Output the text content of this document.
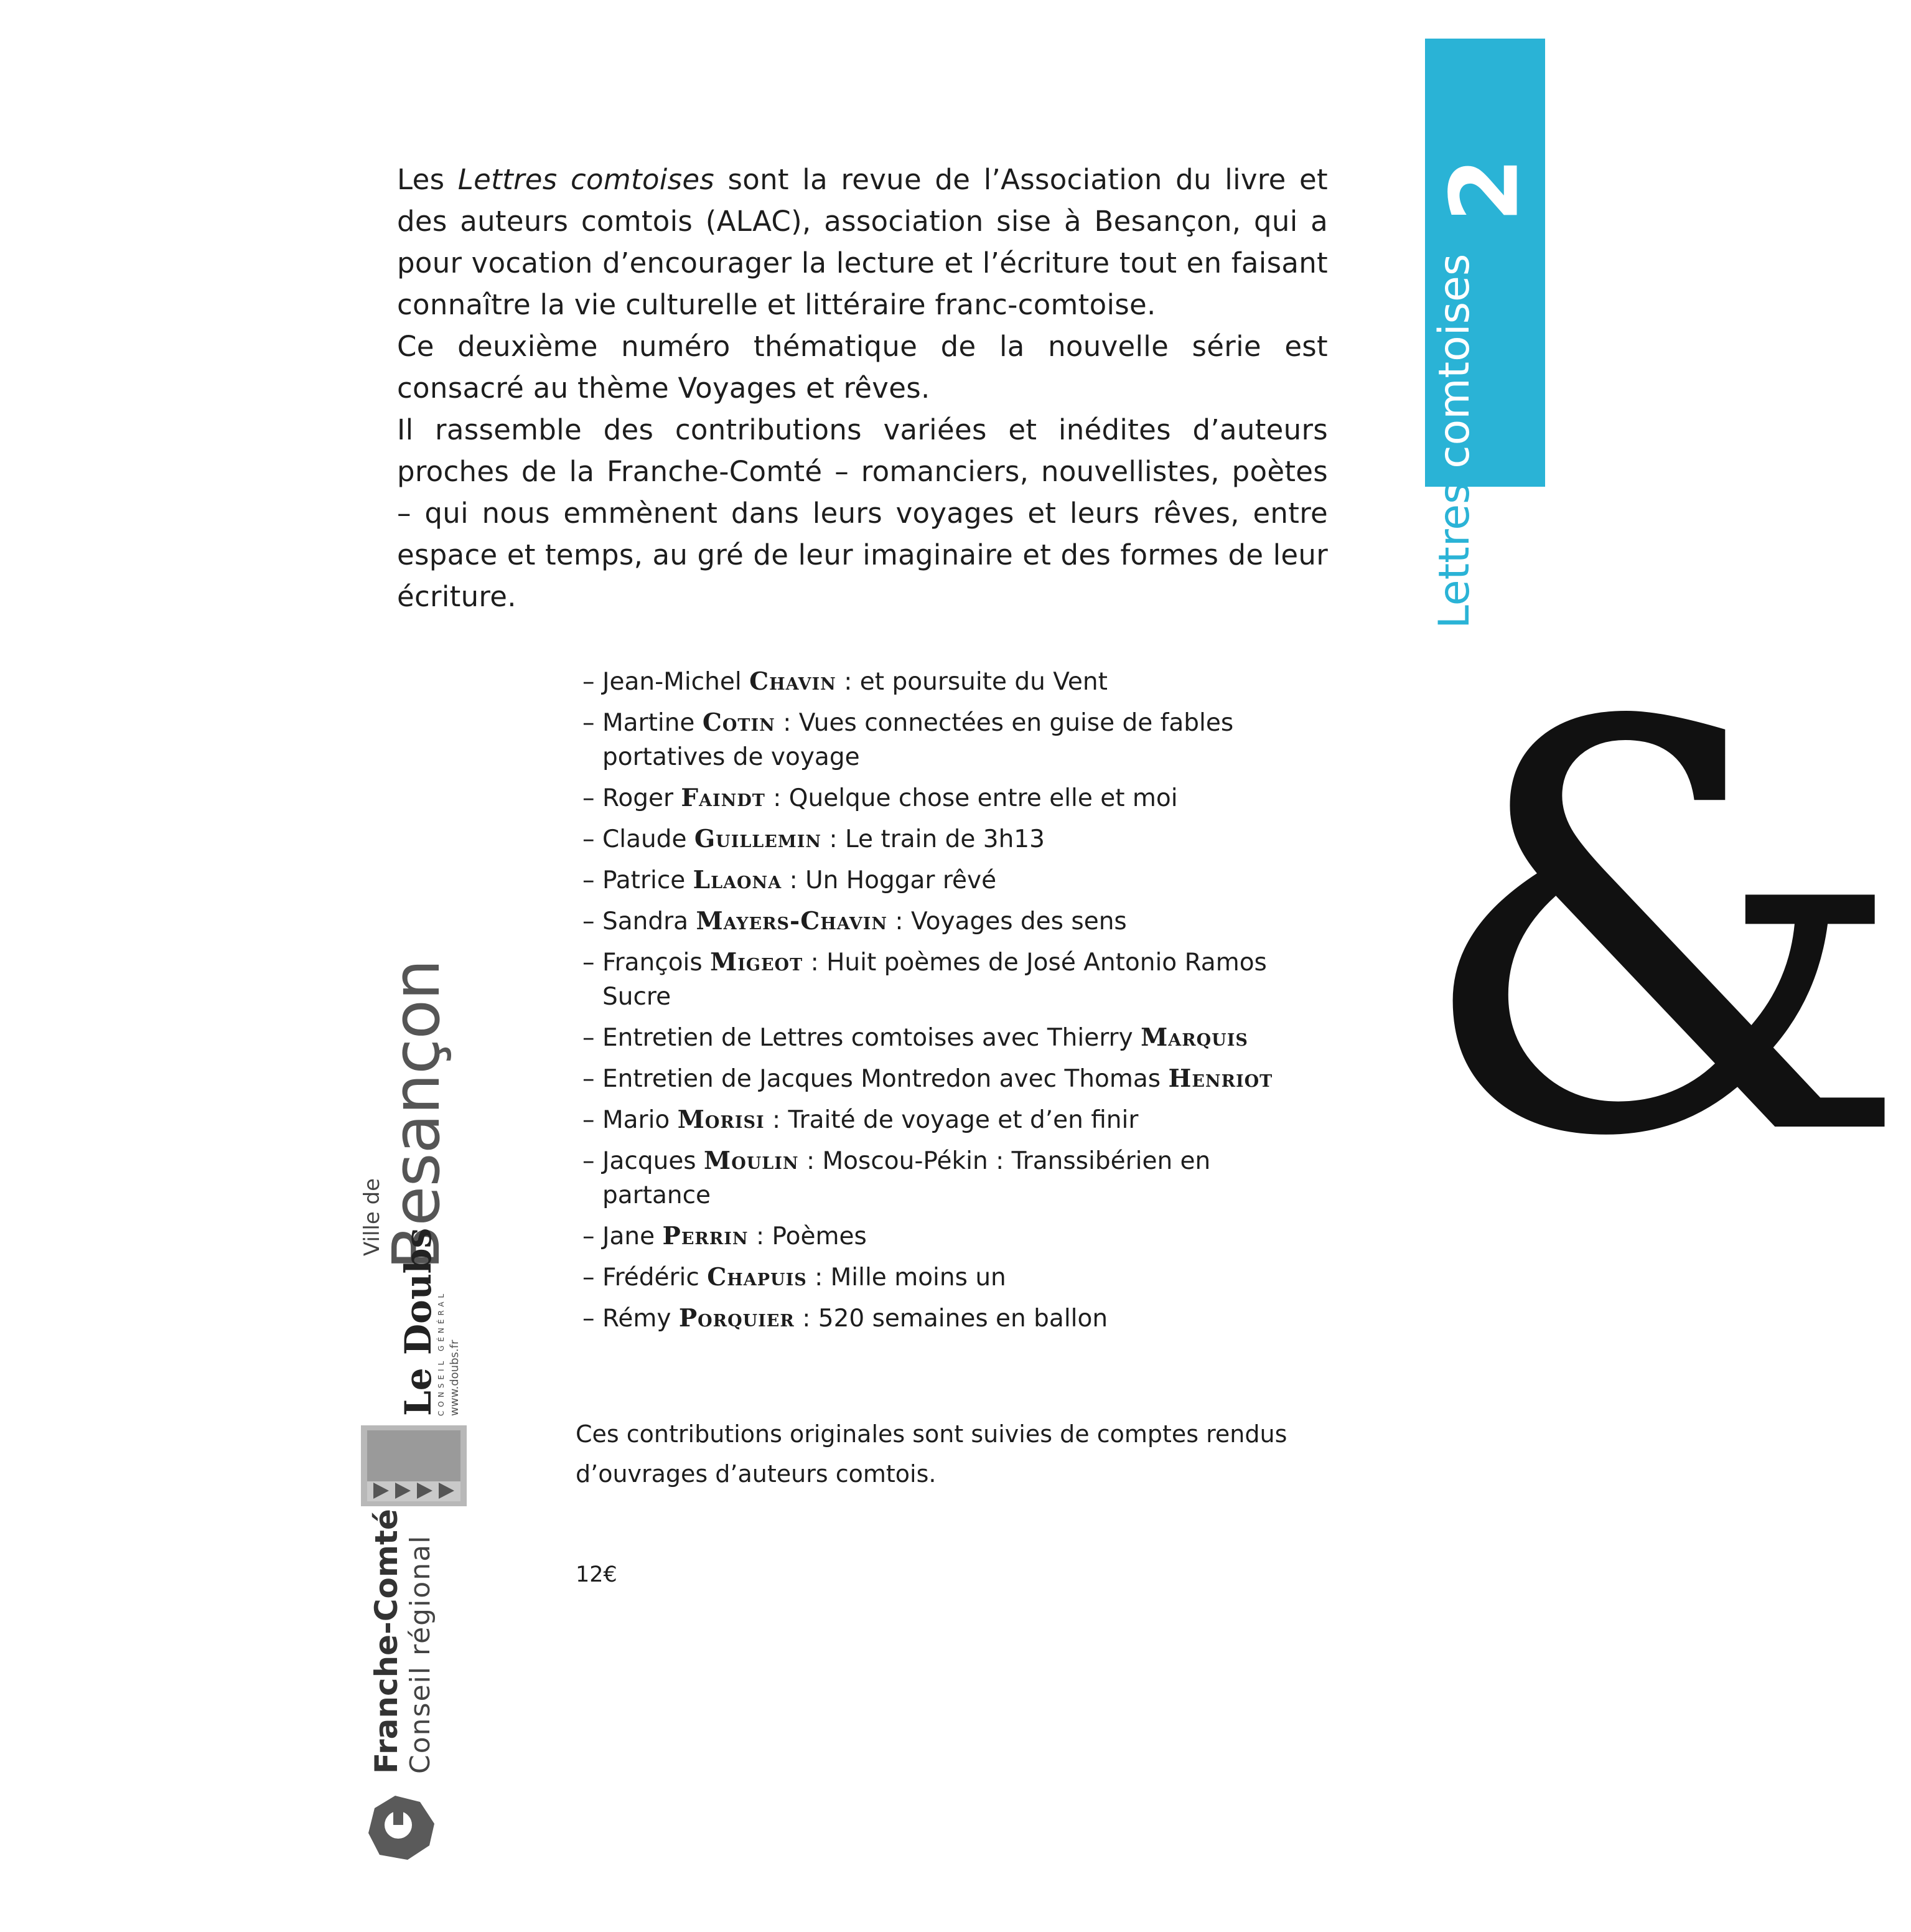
Les Lettres comtoises sont la revue de l’Association du livre et des auteurs comtois (ALAC), association sise à Besançon, qui a pour vocation d’encourager la lecture et l’écriture tout en faisant connaître la vie culturelle et littéraire franc-comtoise.

Ce deuxième numéro thématique de la nouvelle série est consacré au thème Voyages et rêves.

Il rassemble des contributions variées et inédites d’auteurs proches de la Franche-Comté – romanciers, nouvellistes, poètes – qui nous emmènent dans leurs voyages et leurs rêves, entre espace et temps, au gré de leur imaginaire et des formes de leur écriture.

– Jean-Michel Chavin : et poursuite du Vent
– Martine Cotin : Vues connectées en guise de fables portatives de voyage
– Roger Faindt : Quelque chose entre elle et moi
– Claude Guillemin : Le train de 3h13
– Patrice Llaona : Un Hoggar rêvé
– Sandra Mayers-Chavin : Voyages des sens
– François Migeot : Huit poèmes de José Antonio Ramos Sucre
– Entretien de Lettres comtoises avec Thierry Marquis
– Entretien de Jacques Montredon avec Thomas Henriot
– Mario Morisi : Traité de voyage et d’en finir
– Jacques Moulin : Moscou-Pékin : Transsibérien en partance
– Jane Perrin : Poèmes
– Frédéric Chapuis : Mille moins un
– Rémy Porquier : 520 semaines en ballon

Ces contributions originales sont suivies de comptes rendus d’ouvrages d’auteurs comtois.

12€

2
Lettres comtoises
&
Ville de
Besançon
Le Doubs
CONSEIL GÉNÉRAL www.doubs.fr
Franche-Comté Conseil régional
